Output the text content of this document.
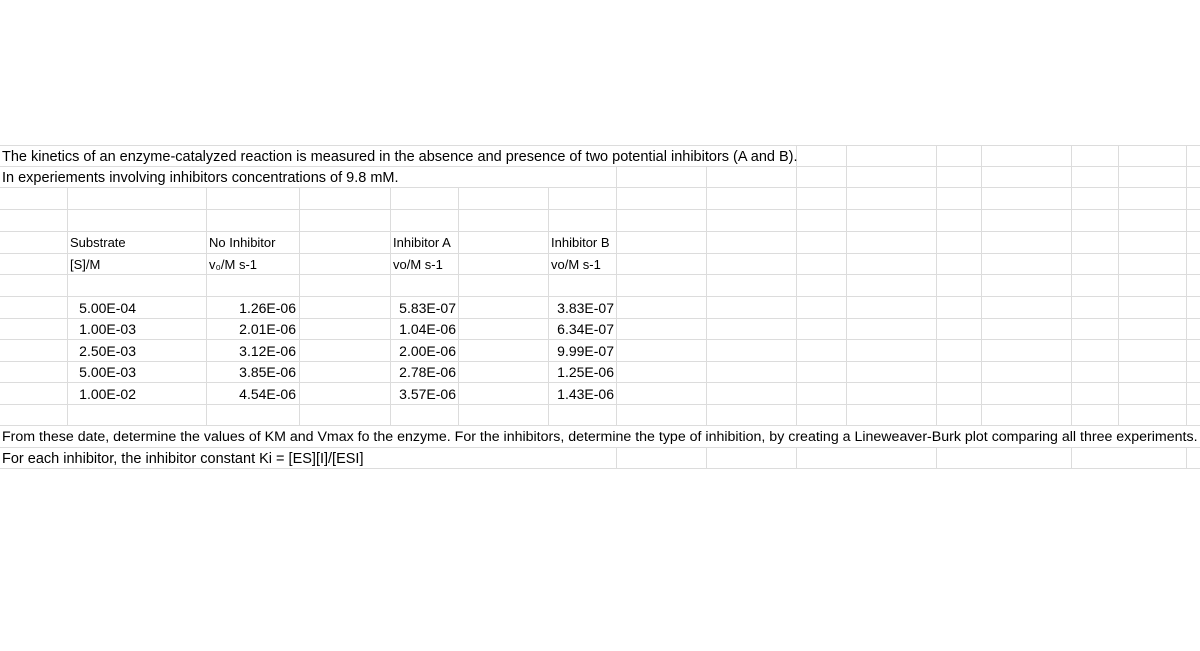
The kinetics of an enzyme-catalyzed reaction is measured in the absence and presence of two potential inhibitors (A and B).
In experiements involving inhibitors concentrations of 9.8 mM.
Substrate	No Inhibitor	Inhibitor A	Inhibitor B
[S]/M	v₀/M s-1	vo/M s-1	vo/M s-1
5.00E-04	1.26E-06	5.83E-07	3.83E-07
1.00E-03	2.01E-06	1.04E-06	6.34E-07
2.50E-03	3.12E-06	2.00E-06	9.99E-07
5.00E-03	3.85E-06	2.78E-06	1.25E-06
1.00E-02	4.54E-06	3.57E-06	1.43E-06
From these date, determine the values of KM and Vmax fo the enzyme. For the inhibitors, determine the type of inhibition, by creating a Lineweaver-Burk plot comparing all three experiments.
For each inhibitor, the inhibitor constant Ki = [ES][I]/[ESI]
